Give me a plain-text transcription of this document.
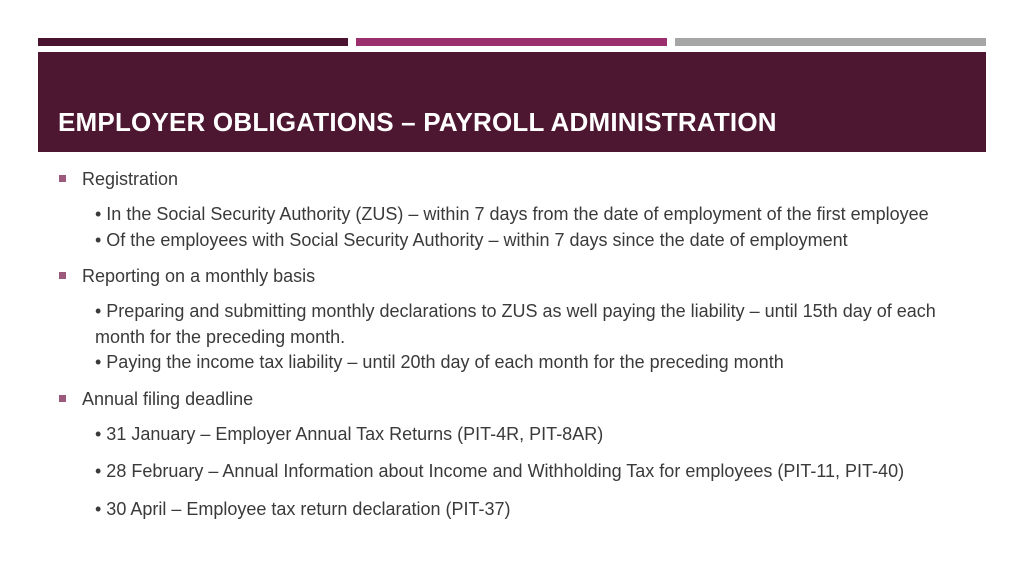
EMPLOYER OBLIGATIONS – PAYROLL ADMINISTRATION
Registration
• In the Social Security Authority (ZUS) – within 7 days from the date of employment of the first employee
• Of the employees with Social Security Authority – within 7 days since the date of employment
Reporting on a monthly basis
• Preparing and submitting monthly declarations to ZUS as well paying the liability – until 15th day of each month for the preceding month.
• Paying the income tax liability – until 20th day of each month for the preceding month
Annual filing deadline
• 31 January – Employer Annual Tax Returns (PIT-4R, PIT-8AR)
• 28 February – Annual Information about Income and Withholding Tax for employees (PIT-11, PIT-40)
• 30 April – Employee tax return declaration (PIT-37)
